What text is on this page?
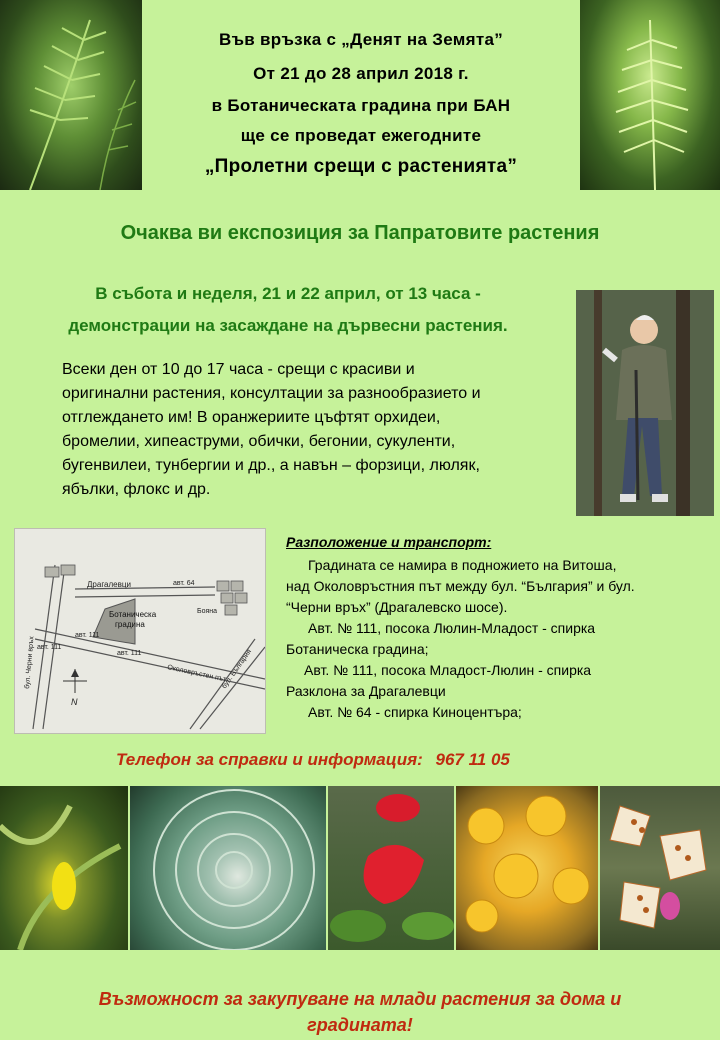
Във връзка с „Денят на Земята”
От 21 до 28 април 2018 г.
в Ботаническата градина при БАН
ще се проведат ежегодните
„Пролетни срещи с растенията”
Очаква ви експозиция за Папратовите растения
В събота и неделя, 21 и 22 април, от 13 часа -
демонстрации на засаждане на дървесни растения.
Всеки ден от 10 до 17 часа - срещи с красиви и
оригинални растения, консултации за разнообразието и
отглеждането им! В оранжериите цъфтят орхидеи,
бромелии, хипеаструми, обички, бегонии, сукуленти,
бугенвилеи, тунбергии и др., а навън – форзици, люляк,
ябълки, флокс и др.
Драгалевци	авт. 64
Ботаническа
градина
Бояна
авт. 111
авт. 111
авт. 111
бул. Черни връх	бул. България
Околовръстен път
N
Разположение и транспорт:
Градината се намира в подножието на Витоша,
над Околовръстния път между бул. “България” и бул.
“Черни връх” (Драгалевско шосе).
Авт. № 111, посока Люлин-Младост - спирка
Ботаническа градина;
Авт. № 111, посока Младост-Люлин - спирка
Разклона за Драгалевци
Авт. № 64 - спирка Киноцентъра;
Телефон за справки и информация: 967 11 05
Възможност за закупуване на млади растения за дома и
градината!
